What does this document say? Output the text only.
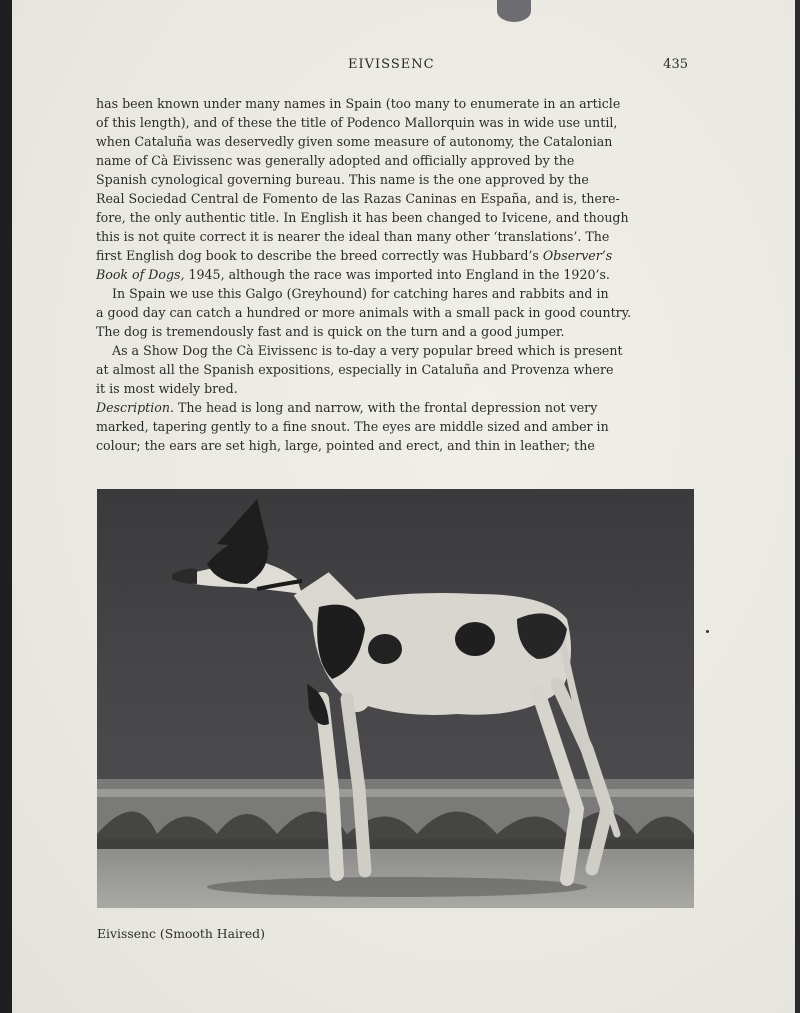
EIVISSENC	435
has been known under many names in Spain (too many to enumerate in an article
of this length), and of these the title of Podenco Mallorquin was in wide use until,
when Cataluña was deservedly given some measure of autonomy, the Catalonian
name of Cà Eivissenc was generally adopted and officially approved by the
Spanish cynological governing bureau. This name is the one approved by the
Real Sociedad Central de Fomento de las Razas Caninas en España, and is, there-
fore, the only authentic title. In English it has been changed to Ivicene, and though
this is not quite correct it is nearer the ideal than many other ‘translations’. The
first English dog book to describe the breed correctly was Hubbard’s Observer’s
Book of Dogs, 1945, although the race was imported into England in the 1920’s.
In Spain we use this Galgo (Greyhound) for catching hares and rabbits and in
a good day can catch a hundred or more animals with a small pack in good country.
The dog is tremendously fast and is quick on the turn and a good jumper.
As a Show Dog the Cà Eivissenc is to-day a very popular breed which is present
at almost all the Spanish expositions, especially in Cataluña and Provenza where
it is most widely bred.
Description. The head is long and narrow, with the frontal depression not very
marked, tapering gently to a fine snout. The eyes are middle sized and amber in
colour; the ears are set high, large, pointed and erect, and thin in leather; the
Eivissenc (Smooth Haired)
